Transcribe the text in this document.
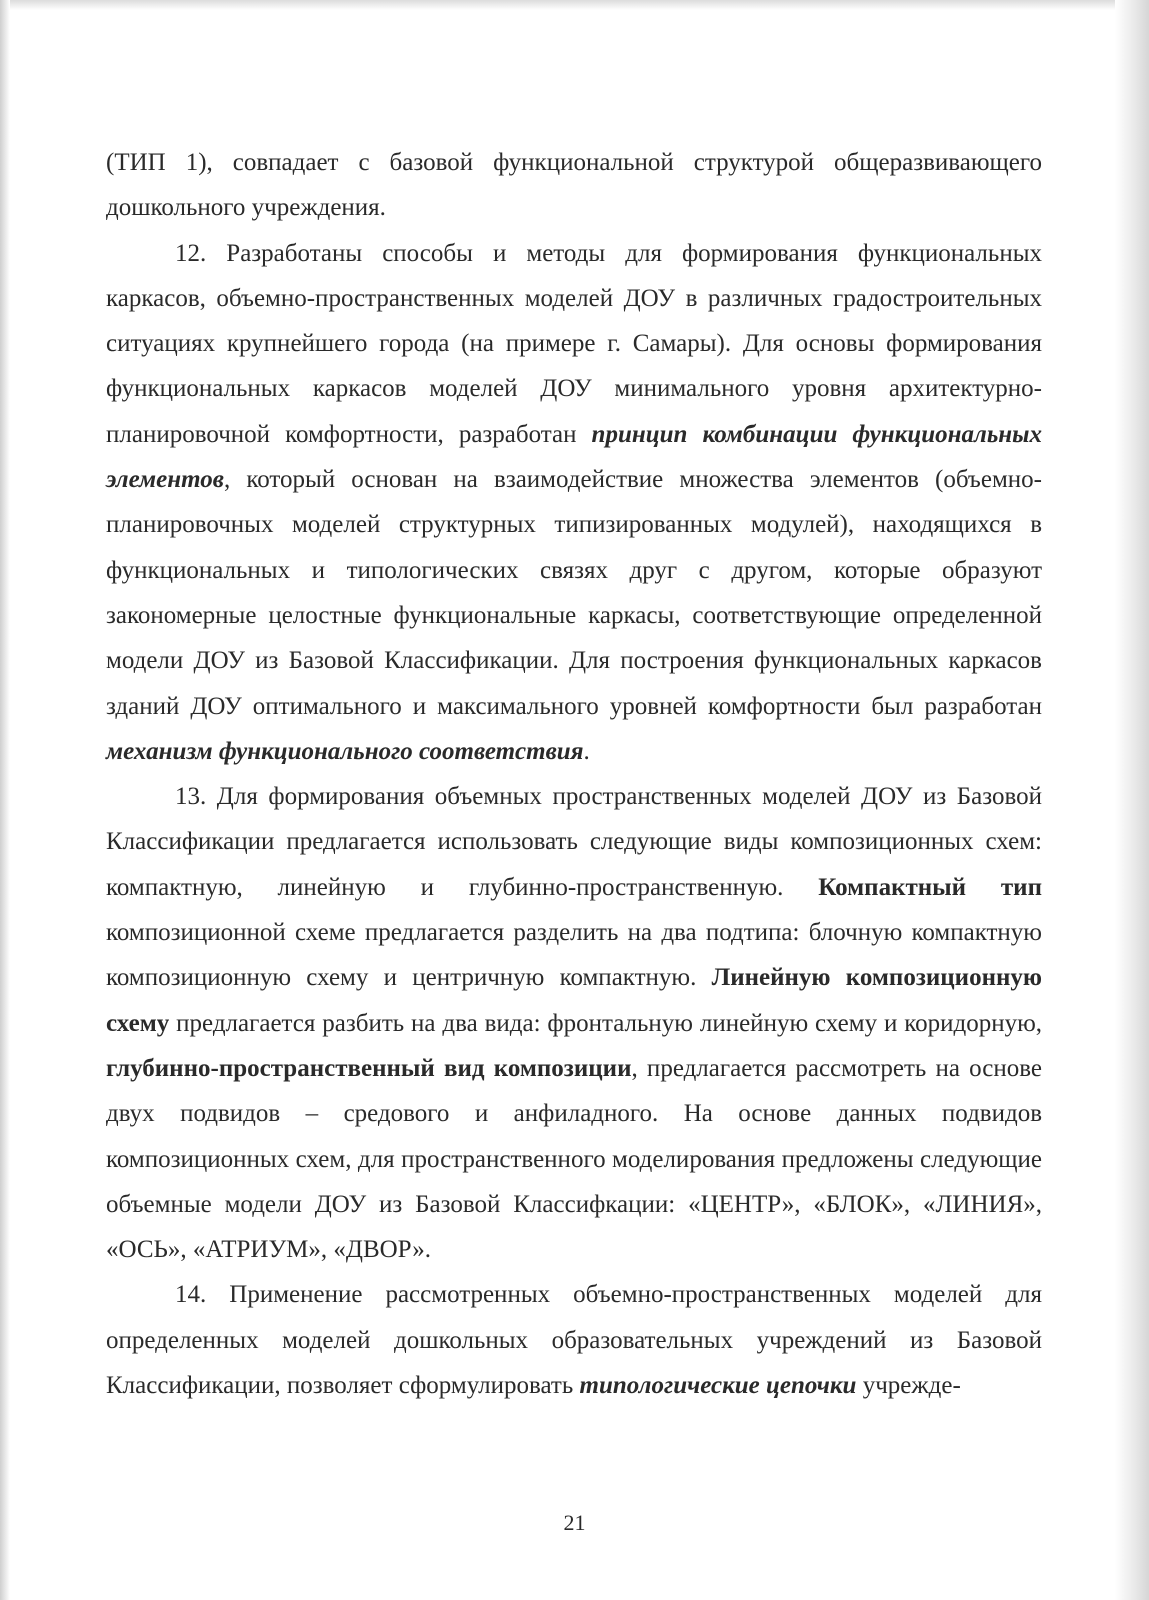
(ТИП 1), совпадает с базовой функциональной структурой общеразвивающего дошкольного учреждения.

12. Разработаны способы и методы для формирования функциональных каркасов, объемно-пространственных моделей ДОУ в различных градостроительных ситуациях крупнейшего города (на примере г. Самары). Для основы формирования функциональных каркасов моделей ДОУ минимального уровня архитектурно-планировочной комфортности, разработан принцип комбинации функциональных элементов, который основан на взаимодействие множества элементов (объемно-планировочных моделей структурных типизированных модулей), находящихся в функциональных и типологических связях друг с другом, которые образуют закономерные целостные функциональные каркасы, соответствующие определенной модели ДОУ из Базовой Классификации. Для построения функциональных каркасов зданий ДОУ оптимального и максимального уровней комфортности был разработан механизм функционального соответствия.

13. Для формирования объемных пространственных моделей ДОУ из Базовой Классификации предлагается использовать следующие виды композиционных схем: компактную, линейную и глубинно-пространственную. Компактный тип композиционной схеме предлагается разделить на два подтипа: блочную компактную композиционную схему и центричную компактную. Линейную композиционную схему предлагается разбить на два вида: фронтальную линейную схему и коридорную, глубинно-пространственный вид композиции, предлагается рассмотреть на основе двух подвидов – средового и анфиладного. На основе данных подвидов композиционных схем, для пространственного моделирования предложены следующие объемные модели ДОУ из Базовой Классифкации: «ЦЕНТР», «БЛОК», «ЛИНИЯ», «ОСЬ», «АТРИУМ», «ДВОР».

14. Применение рассмотренных объемно-пространственных моделей для определенных моделей дошкольных образовательных учреждений из Базовой Классификации, позволяет сформулировать типологические цепочки учрежде-

21
